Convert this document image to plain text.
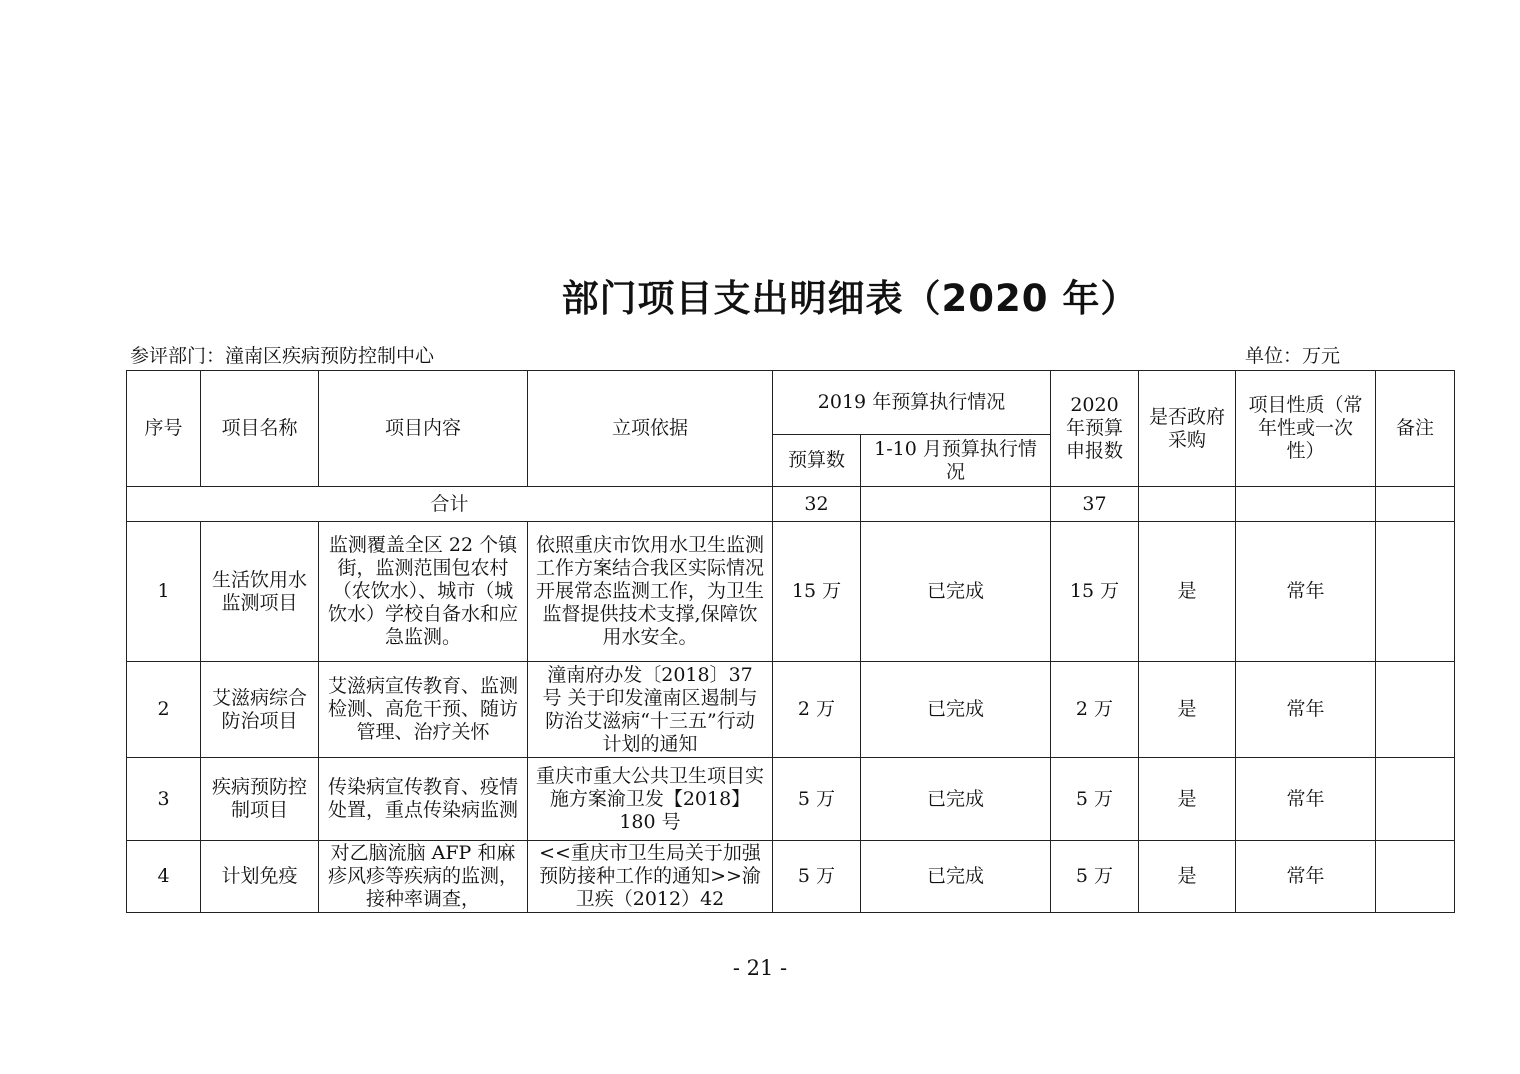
部门项目支出明细表（2020 年）
参评部门：潼南区疾病预防控制中心	单位：万元
序号	项目名称	项目内容	立项依据	2019 年预算执行情况		2020 年预算申报数	是否政府采购	项目性质（常年性或一次性）	备注
				预算数	1-10 月预算执行情况				
合计				32		37			
1	生活饮用水监测项目	监测覆盖全区 22 个镇街，监测范围包农村（农饮水）、城市（城饮水）学校自备水和应急监测。	依照重庆市饮用水卫生监测工作方案结合我区实际情况开展常态监测工作，为卫生监督提供技术支撑,保障饮用水安全。	15 万	已完成	15 万	是	常年	
2	艾滋病综合防治项目	艾滋病宣传教育、监测检测、高危干预、随访管理、治疗关怀	潼南府办发〔2018〕37 号 关于印发潼南区遏制与防治艾滋病“十三五”行动计划的通知	2 万	已完成	2 万	是	常年	
3	疾病预防控制项目	传染病宣传教育、疫情处置，重点传染病监测	重庆市重大公共卫生项目实施方案渝卫发【2018】180 号	5 万	已完成	5 万	是	常年	
4	计划免疫	对乙脑流脑 AFP 和麻疹风疹等疾病的监测，接种率调查，	<<重庆市卫生局关于加强预防接种工作的通知>>渝卫疾（2012）42	5 万	已完成	5 万	是	常年	
- 21 -
